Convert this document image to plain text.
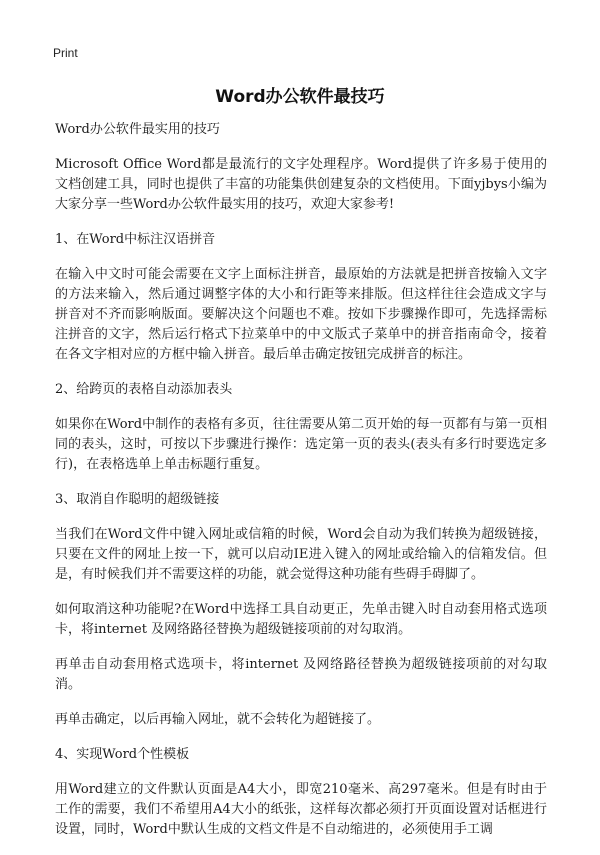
Print
Word办公软件最技巧

Word办公软件最实用的技巧

Microsoft Office Word都是最流行的文字处理程序。Word提供了许多易于使用的文档创建工具，同时也提供了丰富的功能集供创建复杂的文档使用。下面yjbys小编为大家分享一些Word办公软件最实用的技巧，欢迎大家参考!

1、在Word中标注汉语拼音

在输入中文时可能会需要在文字上面标注拼音，最原始的方法就是把拼音按输入文字的方法来输入，然后通过调整字体的大小和行距等来排版。但这样往往会造成文字与拼音对不齐而影响版面。要解决这个问题也不难。按如下步骤操作即可，先选择需标注拼音的文字，然后运行格式下拉菜单中的中文版式子菜单中的拼音指南命令，接着在各文字相对应的方框中输入拼音。最后单击确定按钮完成拼音的标注。

2、给跨页的表格自动添加表头

如果你在Word中制作的表格有多页，往往需要从第二页开始的每一页都有与第一页相同的表头，这时，可按以下步骤进行操作：选定第一页的表头(表头有多行时要选定多行)，在表格选单上单击标题行重复。

3、取消自作聪明的超级链接

当我们在Word文件中键入网址或信箱的时候，Word会自动为我们转换为超级链接，只要在文件的网址上按一下，就可以启动IE进入键入的网址或给输入的信箱发信。但是，有时候我们并不需要这样的功能，就会觉得这种功能有些碍手碍脚了。

如何取消这种功能呢?在Word中选择工具自动更正，先单击键入时自动套用格式选项卡，将internet 及网络路径替换为超级链接项前的对勾取消。

再单击自动套用格式选项卡，将internet 及网络路径替换为超级链接项前的对勾取消。

再单击确定，以后再输入网址，就不会转化为超链接了。

4、实现Word个性模板

用Word建立的文件默认页面是A4大小，即宽210毫米、高297毫米。但是有时由于工作的需要，我们不希望用A4大小的纸张，这样每次都必须打开页面设置对话框进行设置，同时，Word中默认生成的文档文件是不自动缩进的，必须使用手工调
